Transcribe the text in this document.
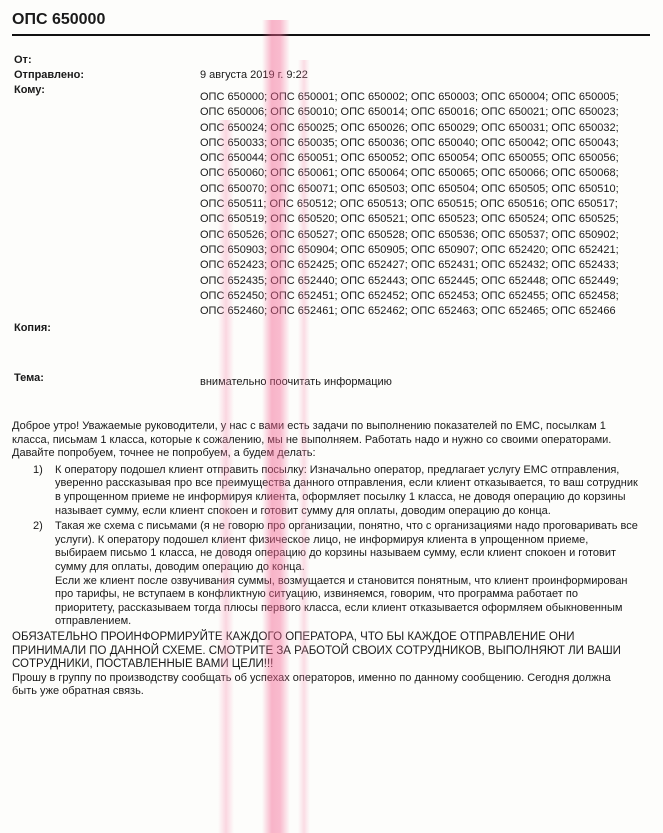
ОПС 650000
От:
Отправлено:	9 августа 2019 г. 9:22
Кому:
ОПС 650000; ОПС 650001; ОПС 650002; ОПС 650003; ОПС 650004; ОПС 650005;
ОПС 650006; ОПС 650010; ОПС 650014; ОПС 650016; ОПС 650021; ОПС 650023;
ОПС 650024; ОПС 650025; ОПС 650026; ОПС 650029; ОПС 650031; ОПС 650032;
ОПС 650033; ОПС 650035; ОПС 650036; ОПС 650040; ОПС 650042; ОПС 650043;
ОПС 650044; ОПС 650051; ОПС 650052; ОПС 650054; ОПС 650055; ОПС 650056;
ОПС 650060; ОПС 650061; ОПС 650064; ОПС 650065; ОПС 650066; ОПС 650068;
ОПС 650070; ОПС 650071; ОПС 650503; ОПС 650504; ОПС 650505; ОПС 650510;
ОПС 650511; ОПС 650512; ОПС 650513; ОПС 650515; ОПС 650516; ОПС 650517;
ОПС 650519; ОПС 650520; ОПС 650521; ОПС 650523; ОПС 650524; ОПС 650525;
ОПС 650526; ОПС 650527; ОПС 650528; ОПС 650536; ОПС 650537; ОПС 650902;
ОПС 650903; ОПС 650904; ОПС 650905; ОПС 650907; ОПС 652420; ОПС 652421;
ОПС 652423; ОПС 652425; ОПС 652427; ОПС 652431; ОПС 652432; ОПС 652433;
ОПС 652435; ОПС 652440; ОПС 652443; ОПС 652445; ОПС 652448; ОПС 652449;
ОПС 652450; ОПС 652451; ОПС 652452; ОПС 652453; ОПС 652455; ОПС 652458;
ОПС 652460; ОПС 652461; ОПС 652462; ОПС 652463; ОПС 652465; ОПС 652466
Копия:
Тема:	внимательно поочитать информацию

Доброе утро! Уважаемые руководители, у нас с вами есть задачи по выполнению показателей по ЕМС, посылкам 1 класса, письмам 1 класса, которые к сожалению, мы не выполняем. Работать надо и нужно со своими операторами.

Давайте попробуем, точнее не попробуем, а будем делать:

1) К оператору подошел клиент отправить посылку: Изначально оператор, предлагает услугу ЕМС отправления, уверенно рассказывая про все преимущества данного отправления, если клиент отказывается, то ваш сотрудник в упрощенном приеме не информируя клиента, оформляет посылку 1 класса, не доводя операцию до корзины называет сумму, если клиент спокоен и готовит сумму для оплаты, доводим операцию до конца.
2) Такая же схема с письмами (я не говорю про организации, понятно, что с организациями надо проговаривать все услуги). К оператору подошел клиент физическое лицо, не информируя клиента в упрощенном приеме, выбираем письмо 1 класса, не доводя операцию до корзины называем сумму, если клиент спокоен и готовит сумму для оплаты, доводим операцию до конца.
Если же клиент после озвучивания суммы, возмущается и становится понятным, что клиент проинформирован про тарифы, не вступаем в конфликтную ситуацию, извиняемся, говорим, что программа работает по приоритету, рассказываем тогда плюсы первого класса, если клиент отказывается оформляем обыкновенным отправлением.

ОБЯЗАТЕЛЬНО ПРОИНФОРМИРУЙТЕ КАЖДОГО ОПЕРАТОРА, ЧТО БЫ КАЖДОЕ ОТПРАВЛЕНИЕ ОНИ ПРИНИМАЛИ ПО ДАННОЙ СХЕМЕ. СМОТРИТЕ ЗА РАБОТОЙ СВОИХ СОТРУДНИКОВ, ВЫПОЛНЯЮТ ЛИ ВАШИ СОТРУДНИКИ, ПОСТАВЛЕННЫЕ ВАМИ ЦЕЛИ!!!

Прошу в группу по производству сообщать об успехах операторов, именно по данному сообщению. Сегодня должна быть уже обратная связь.
